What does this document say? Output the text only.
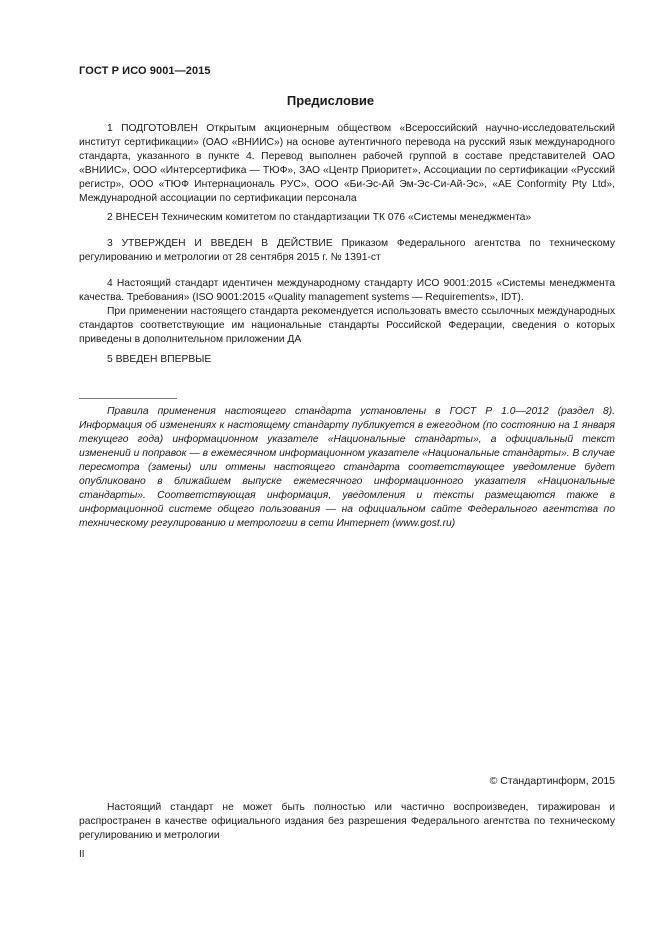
ГОСТ Р ИСО 9001—2015
Предисловие

1 ПОДГОТОВЛЕН Открытым акционерным обществом «Всероссийский научно-исследовательский институт сертификации» (ОАО «ВНИИС») на основе аутентичного перевода на русский язык международного стандарта, указанного в пункте 4. Перевод выполнен рабочей группой в составе представителей ОАО «ВНИИС», ООО «Интерсертифика — ТЮФ», ЗАО «Центр Приоритет», Ассоциации по сертификации «Русский регистр», ООО «ТЮФ Интернациональ РУС», ООО «Би-Эс-Ай Эм-Эс-Си-Ай-Эс», «AE Conformity Pty Ltd», Международной ассоциации по сертификации персонала

2 ВНЕСЕН Техническим комитетом по стандартизации ТК 076 «Системы менеджмента»

3 УТВЕРЖДЕН И ВВЕДЕН В ДЕЙСТВИЕ Приказом Федерального агентства по техническому регулированию и метрологии от 28 сентября 2015 г. № 1391-ст

4 Настоящий стандарт идентичен международному стандарту ИСО 9001:2015 «Системы менеджмента качества. Требования» (ISO 9001:2015 «Quality management systems — Requirements», IDT).

При применении настоящего стандарта рекомендуется использовать вместо ссылочных международных стандартов соответствующие им национальные стандарты Российской Федерации, сведения о которых приведены в дополнительном приложении ДА

5 ВВЕДЕН ВПЕРВЫЕ

Правила применения настоящего стандарта установлены в ГОСТ Р 1.0—2012 (раздел 8). Информация об изменениях к настоящему стандарту публикуется в ежегодном (по состоянию на 1 января текущего года) информационном указателе «Национальные стандарты», а официальный текст изменений и поправок — в ежемесячном информационном указателе «Национальные стандарты». В случае пересмотра (замены) или отмены настоящего стандарта соответствующее уведомление будет опубликовано в ближайшем выпуске ежемесячного информационного указателя «Национальные стандарты». Соответствующая информация, уведомления и тексты размещаются также в информационной системе общего пользования — на официальном сайте Федерального агентства по техническому регулированию и метрологии в сети Интернет (www.gost.ru)

© Стандартинформ, 2015

Настоящий стандарт не может быть полностью или частично воспроизведен, тиражирован и распространен в качестве официального издания без разрешения Федерального агентства по техническому регулированию и метрологии

II
